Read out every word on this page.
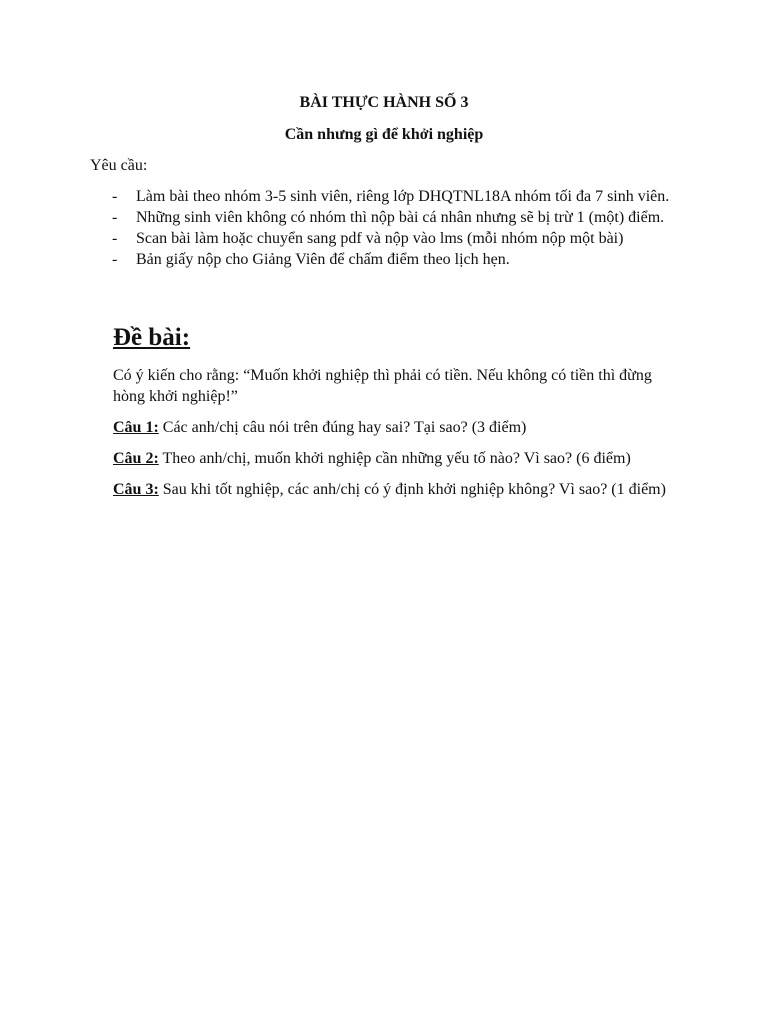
BÀI THỰC HÀNH SỐ 3
Cần nhưng gì để khởi nghiệp
Yêu cầu:
- Làm bài theo nhóm 3-5 sinh viên, riêng lớp DHQTNL18A nhóm tối đa 7 sinh viên.
- Những sinh viên không có nhóm thì nộp bài cá nhân nhưng sẽ bị trừ 1 (một) điểm.
- Scan bài làm hoặc chuyển sang pdf và nộp vào lms (mỗi nhóm nộp một bài)
- Bản giấy nộp cho Giảng Viên để chấm điểm theo lịch hẹn.
Đề bài:
Có ý kiến cho rằng: “Muốn khởi nghiệp thì phải có tiền. Nếu không có tiền thì đừng hòng khởi nghiệp!”
Câu 1: Các anh/chị câu nói trên đúng hay sai? Tại sao? (3 điểm)
Câu 2: Theo anh/chị, muốn khởi nghiệp cần những yếu tố nào? Vì sao? (6 điểm)
Câu 3: Sau khi tốt nghiệp, các anh/chị có ý định khởi nghiệp không? Vì sao? (1 điểm)
